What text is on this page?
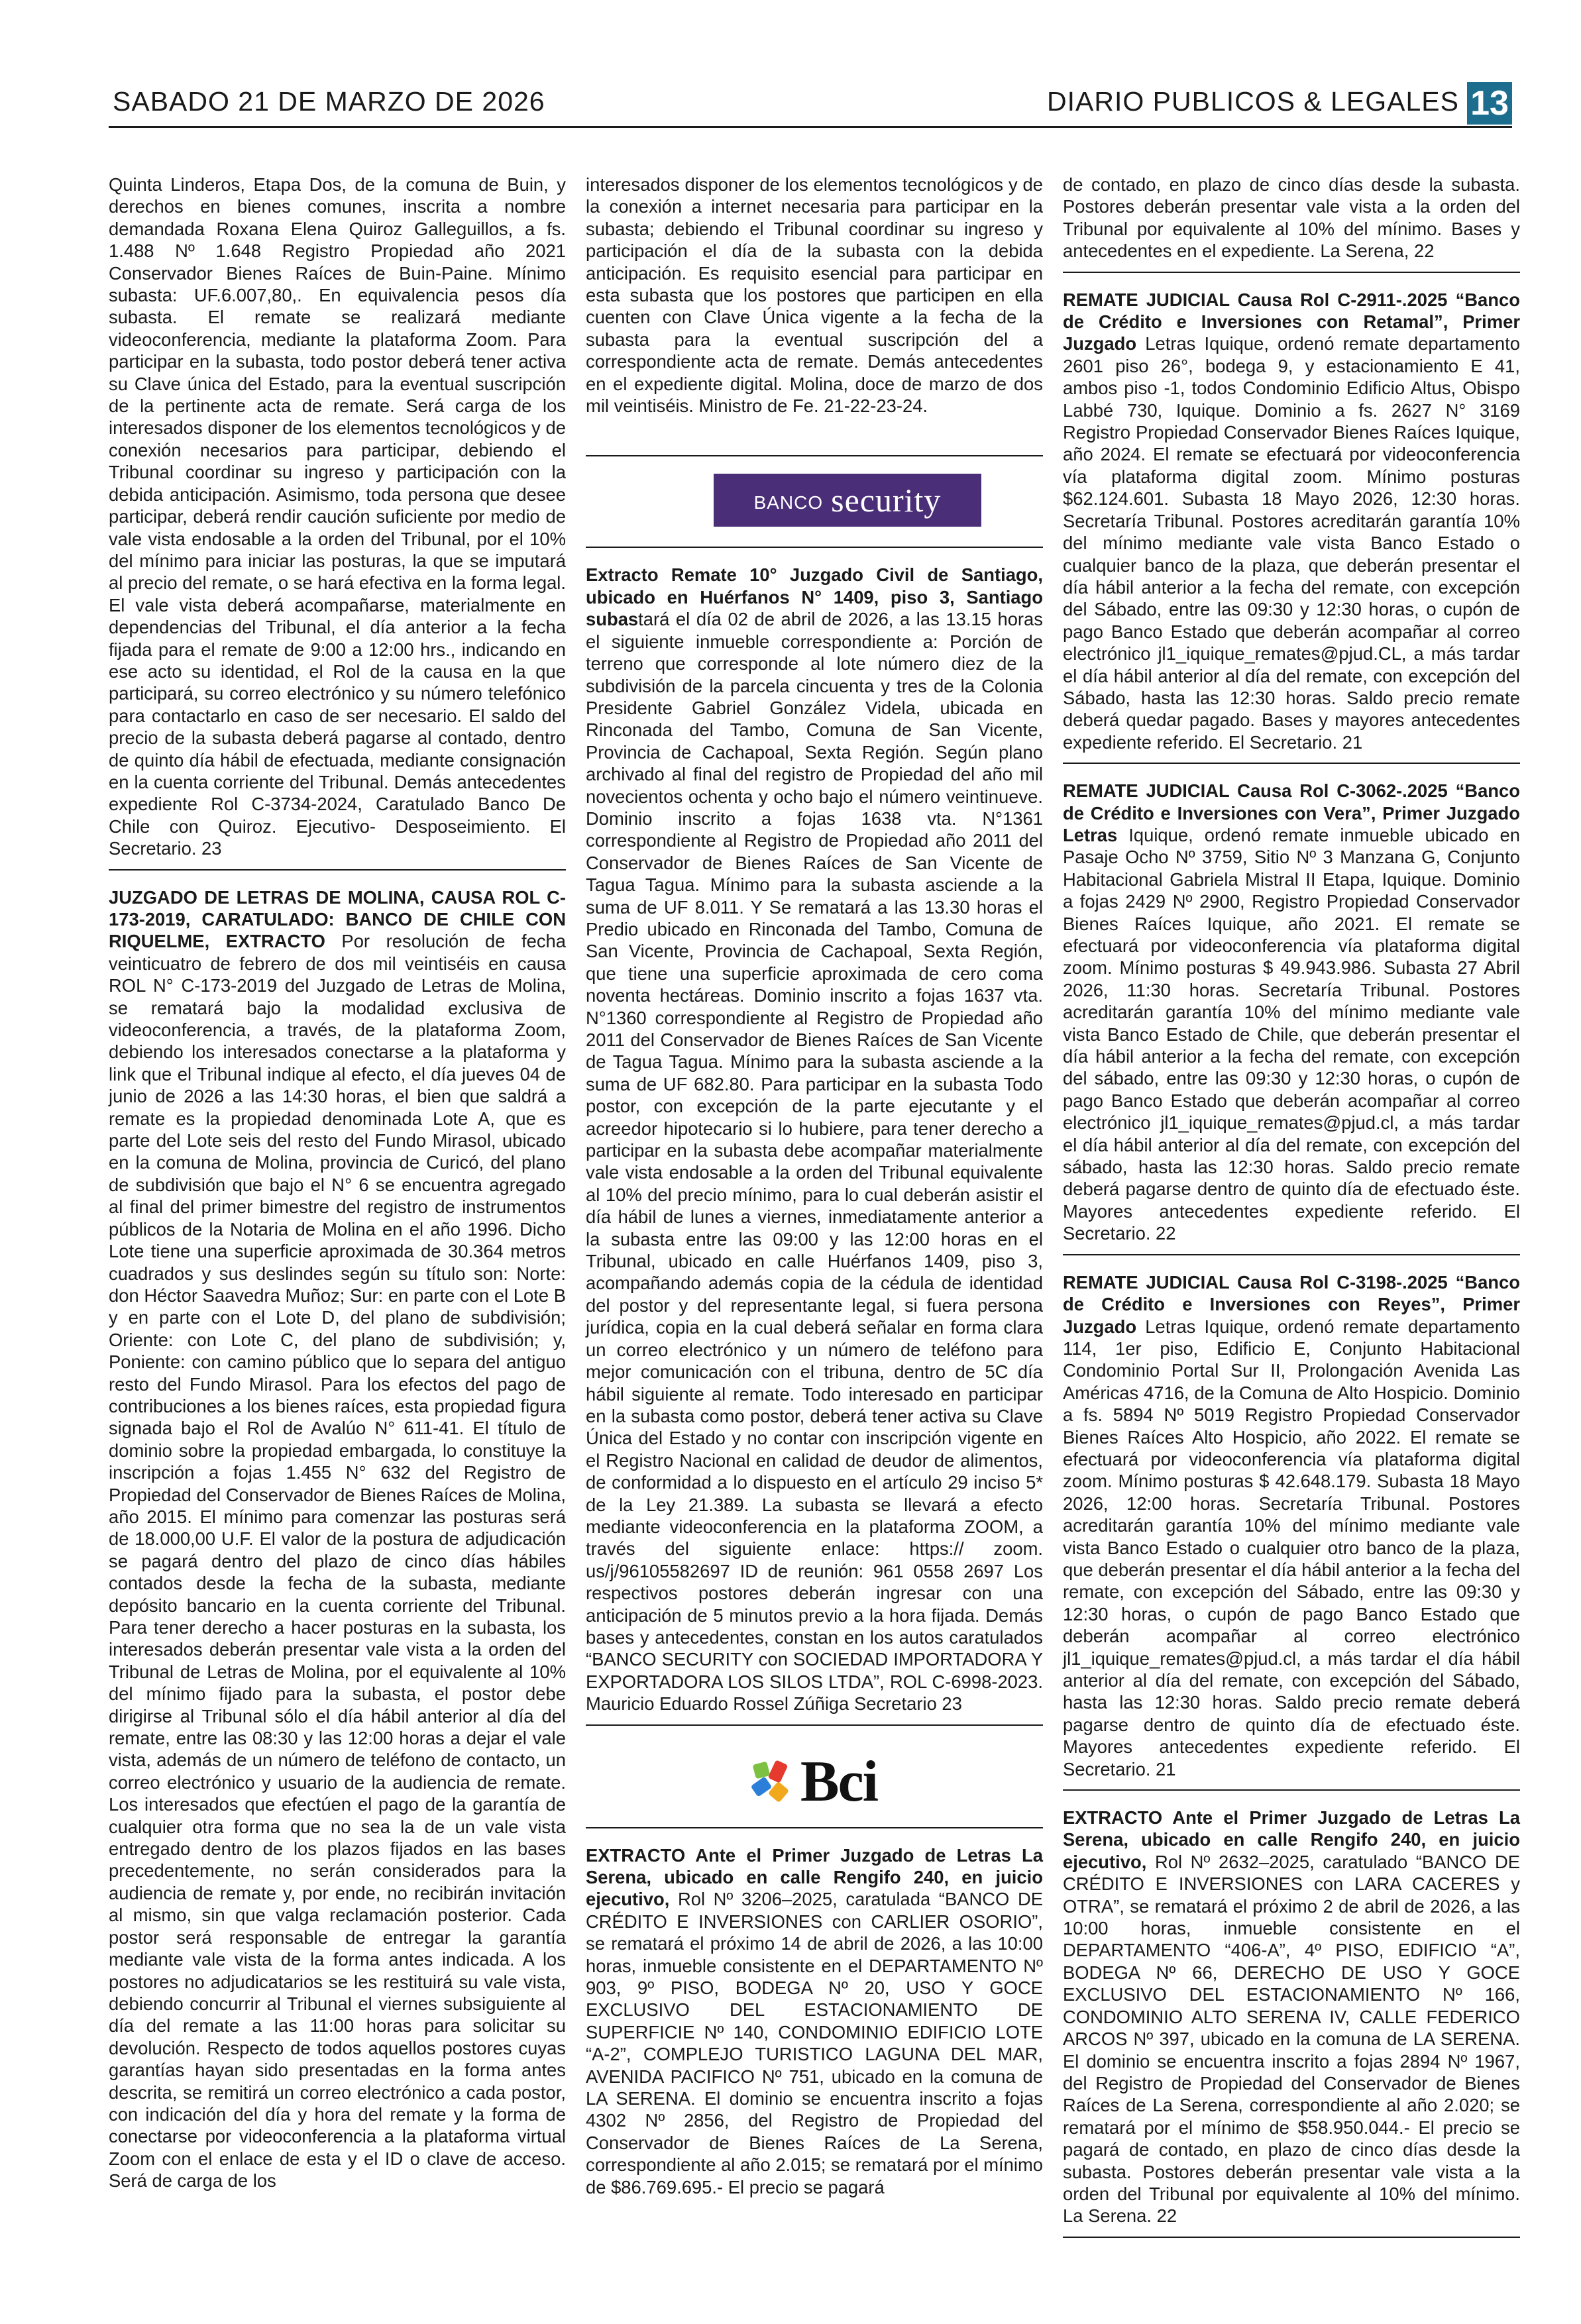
SABADO 21 DE MARZO DE 2026	DIARIO PUBLICOS & LEGALES 13

Quinta Linderos, Etapa Dos, de la comuna de Buin, y derechos en bienes comunes, inscrita a nombre demandada Roxana Elena Quiroz Galleguillos, a fs. 1.488 Nº 1.648 Registro Propiedad año 2021 Conservador Bienes Raíces de Buin-Paine. Mínimo subasta: UF.6.007,80,. En equivalencia pesos día subasta. El remate se realizará mediante videoconferencia, mediante la plataforma Zoom. Para participar en la subasta, todo postor deberá tener activa su Clave única del Estado, para la eventual suscripción de la pertinente acta de remate. Será carga de los interesados disponer de los elementos tecnológicos y de conexión necesarios para participar, debiendo el Tribunal coordinar su ingreso y participación con la debida anticipación. Asimismo, toda persona que desee participar, deberá rendir caución suficiente por medio de vale vista endosable a la orden del Tribunal, por el 10% del mínimo para iniciar las posturas, la que se imputará al precio del remate, o se hará efectiva en la forma legal. El vale vista deberá acompañarse, materialmente en dependencias del Tribunal, el día anterior a la fecha fijada para el remate de 9:00 a 12:00 hrs., indicando en ese acto su identidad, el Rol de la causa en la que participará, su correo electrónico y su número telefónico para contactarlo en caso de ser necesario. El saldo del precio de la subasta deberá pagarse al contado, dentro de quinto día hábil de efectuada, mediante consignación en la cuenta corriente del Tribunal. Demás antecedentes expediente Rol C-3734-2024, Caratulado Banco De Chile con Quiroz. Ejecutivo- Desposeimiento. El Secretario. 23

JUZGADO DE LETRAS DE MOLINA, CAUSA ROL C-173-2019, CARATULADO: BANCO DE CHILE CON RIQUELME, EXTRACTO Por resolución de fecha veinticuatro de febrero de dos mil veintiséis en causa ROL N° C-173-2019 del Juzgado de Letras de Molina, se rematará bajo la modalidad exclusiva de videoconferencia, a través, de la plataforma Zoom, debiendo los interesados conectarse a la plataforma y link que el Tribunal indique al efecto, el día jueves 04 de junio de 2026 a las 14:30 horas, el bien que saldrá a remate es la propiedad denominada Lote A, que es parte del Lote seis del resto del Fundo Mirasol, ubicado en la comuna de Molina, provincia de Curicó, del plano de subdivisión que bajo el N° 6 se encuentra agregado al final del primer bimestre del registro de instrumentos públicos de la Notaria de Molina en el año 1996. Dicho Lote tiene una superficie aproximada de 30.364 metros cuadrados y sus deslindes según su título son: Norte: don Héctor Saavedra Muñoz; Sur: en parte con el Lote B y en parte con el Lote D, del plano de subdivisión; Oriente: con Lote C, del plano de subdivisión; y, Poniente: con camino público que lo separa del antiguo resto del Fundo Mirasol. Para los efectos del pago de contribuciones a los bienes raíces, esta propiedad figura signada bajo el Rol de Avalúo N° 611-41. El título de dominio sobre la propiedad embargada, lo constituye la inscripción a fojas 1.455 N° 632 del Registro de Propiedad del Conservador de Bienes Raíces de Molina, año 2015. El mínimo para comenzar las posturas será de 18.000,00 U.F. El valor de la postura de adjudicación se pagará dentro del plazo de cinco días hábiles contados desde la fecha de la subasta, mediante depósito bancario en la cuenta corriente del Tribunal. Para tener derecho a hacer posturas en la subasta, los interesados deberán presentar vale vista a la orden del Tribunal de Letras de Molina, por el equivalente al 10% del mínimo fijado para la subasta, el postor debe dirigirse al Tribunal sólo el día hábil anterior al día del remate, entre las 08:30 y las 12:00 horas a dejar el vale vista, además de un número de teléfono de contacto, un correo electrónico y usuario de la audiencia de remate. Los interesados que efectúen el pago de la garantía de cualquier otra forma que no sea la de un vale vista entregado dentro de los plazos fijados en las bases precedentemente, no serán considerados para la audiencia de remate y, por ende, no recibirán invitación al mismo, sin que valga reclamación posterior. Cada postor será responsable de entregar la garantía mediante vale vista de la forma antes indicada. A los postores no adjudicatarios se les restituirá su vale vista, debiendo concurrir al Tribunal el viernes subsiguiente al día del remate a las 11:00 horas para solicitar su devolución. Respecto de todos aquellos postores cuyas garantías hayan sido presentadas en la forma antes descrita, se remitirá un correo electrónico a cada postor, con indicación del día y hora del remate y la forma de conectarse por videoconferencia a la plataforma virtual Zoom con el enlace de esta y el ID o clave de acceso. Será de carga de los

interesados disponer de los elementos tecnológicos y de la conexión a internet necesaria para participar en la subasta; debiendo el Tribunal coordinar su ingreso y participación el día de la subasta con la debida anticipación. Es requisito esencial para participar en esta subasta que los postores que participen en ella cuenten con Clave Única vigente a la fecha de la subasta para la eventual suscripción del a correspondiente acta de remate. Demás antecedentes en el expediente digital. Molina, doce de marzo de dos mil veintiséis. Ministro de Fe. 21-22-23-24.

BANCO security

Extracto Remate 10° Juzgado Civil de Santiago, ubicado en Huérfanos N° 1409, piso 3, Santiago subastará el día 02 de abril de 2026, a las 13.15 horas el siguiente inmueble correspondiente a: Porción de terreno que corresponde al lote número diez de la subdivisión de la parcela cincuenta y tres de la Colonia Presidente Gabriel González Videla, ubicada en Rinconada del Tambo, Comuna de San Vicente, Provincia de Cachapoal, Sexta Región. Según plano archivado al final del registro de Propiedad del año mil novecientos ochenta y ocho bajo el número veintinueve. Dominio inscrito a fojas 1638 vta. N°1361 correspondiente al Registro de Propiedad año 2011 del Conservador de Bienes Raíces de San Vicente de Tagua Tagua. Mínimo para la subasta asciende a la suma de UF 8.011. Y Se rematará a las 13.30 horas el Predio ubicado en Rinconada del Tambo, Comuna de San Vicente, Provincia de Cachapoal, Sexta Región, que tiene una superficie aproximada de cero coma noventa hectáreas. Dominio inscrito a fojas 1637 vta. N°1360 correspondiente al Registro de Propiedad año 2011 del Conservador de Bienes Raíces de San Vicente de Tagua Tagua. Mínimo para la subasta asciende a la suma de UF 682.80. Para participar en la subasta Todo postor, con excepción de la parte ejecutante y el acreedor hipotecario si lo hubiere, para tener derecho a participar en la subasta debe acompañar materialmente vale vista endosable a la orden del Tribunal equivalente al 10% del precio mínimo, para lo cual deberán asistir el día hábil de lunes a viernes, inmediatamente anterior a la subasta entre las 09:00 y las 12:00 horas en el Tribunal, ubicado en calle Huérfanos 1409, piso 3, acompañando además copia de la cédula de identidad del postor y del representante legal, si fuera persona jurídica, copia en la cual deberá señalar en forma clara un correo electrónico y un número de teléfono para mejor comunicación con el tribuna, dentro de 5C día hábil siguiente al remate. Todo interesado en participar en la subasta como postor, deberá tener activa su Clave Única del Estado y no contar con inscripción vigente en el Registro Nacional en calidad de deudor de alimentos, de conformidad a lo dispuesto en el artículo 29 inciso 5* de la Ley 21.389. La subasta se llevará a efecto mediante videoconferencia en la plataforma ZOOM, a través del siguiente enlace: https:// zoom. us/j/96105582697 ID de reunión: 961 0558 2697 Los respectivos postores deberán ingresar con una anticipación de 5 minutos previo a la hora fijada. Demás bases y antecedentes, constan en los autos caratulados “BANCO SECURITY con SOCIEDAD IMPORTADORA Y EXPORTADORA LOS SILOS LTDA”, ROL C-6998-2023. Mauricio Eduardo Rossel Zúñiga Secretario 23

Bci

EXTRACTO Ante el Primer Juzgado de Letras La Serena, ubicado en calle Rengifo 240, en juicio ejecutivo, Rol Nº 3206–2025, caratulada “BANCO DE CRÉDITO E INVERSIONES con CARLIER OSORIO”, se rematará el próximo 14 de abril de 2026, a las 10:00 horas, inmueble consistente en el DEPARTAMENTO Nº 903, 9º PISO, BODEGA Nº 20, USO Y GOCE EXCLUSIVO DEL ESTACIONAMIENTO DE SUPERFICIE Nº 140, CONDOMINIO EDIFICIO LOTE “A-2”, COMPLEJO TURISTICO LAGUNA DEL MAR, AVENIDA PACIFICO Nº 751, ubicado en la comuna de LA SERENA. El dominio se encuentra inscrito a fojas 4302 Nº 2856, del Registro de Propiedad del Conservador de Bienes Raíces de La Serena, correspondiente al año 2.015; se rematará por el mínimo de $86.769.695.- El precio se pagará

de contado, en plazo de cinco días desde la subasta. Postores deberán presentar vale vista a la orden del Tribunal por equivalente al 10% del mínimo. Bases y antecedentes en el expediente. La Serena, 22

REMATE JUDICIAL Causa Rol C-2911-.2025 “Banco de Crédito e Inversiones con Retamal”, Primer Juzgado Letras Iquique, ordenó remate departamento 2601 piso 26°, bodega 9, y estacionamiento E 41, ambos piso -1, todos Condominio Edificio Altus, Obispo Labbé 730, Iquique. Dominio a fs. 2627 N° 3169 Registro Propiedad Conservador Bienes Raíces Iquique, año 2024. El remate se efectuará por videoconferencia vía plataforma digital zoom. Mínimo posturas $62.124.601. Subasta 18 Mayo 2026, 12:30 horas. Secretaría Tribunal. Postores acreditarán garantía 10% del mínimo mediante vale vista Banco Estado o cualquier banco de la plaza, que deberán presentar el día hábil anterior a la fecha del remate, con excepción del Sábado, entre las 09:30 y 12:30 horas, o cupón de pago Banco Estado que deberán acompañar al correo electrónico jl1_iquique_remates@pjud.CL, a más tardar el día hábil anterior al día del remate, con excepción del Sábado, hasta las 12:30 horas. Saldo precio remate deberá quedar pagado. Bases y mayores antecedentes expediente referido. El Secretario. 21

REMATE JUDICIAL Causa Rol C-3062-.2025 “Banco de Crédito e Inversiones con Vera”, Primer Juzgado Letras Iquique, ordenó remate inmueble ubicado en Pasaje Ocho Nº 3759, Sitio Nº 3 Manzana G, Conjunto Habitacional Gabriela Mistral II Etapa, Iquique. Dominio a fojas 2429 Nº 2900, Registro Propiedad Conservador Bienes Raíces Iquique, año 2021. El remate se efectuará por videoconferencia vía plataforma digital zoom. Mínimo posturas $ 49.943.986. Subasta 27 Abril 2026, 11:30 horas. Secretaría Tribunal. Postores acreditarán garantía 10% del mínimo mediante vale vista Banco Estado de Chile, que deberán presentar el día hábil anterior a la fecha del remate, con excepción del sábado, entre las 09:30 y 12:30 horas, o cupón de pago Banco Estado que deberán acompañar al correo electrónico jl1_iquique_remates@pjud.cl, a más tardar el día hábil anterior al día del remate, con excepción del sábado, hasta las 12:30 horas. Saldo precio remate deberá pagarse dentro de quinto día de efectuado éste. Mayores antecedentes expediente referido. El Secretario. 22

REMATE JUDICIAL Causa Rol C-3198-.2025 “Banco de Crédito e Inversiones con Reyes”, Primer Juzgado Letras Iquique, ordenó remate departamento 114, 1er piso, Edificio E, Conjunto Habitacional Condominio Portal Sur II, Prolongación Avenida Las Américas 4716, de la Comuna de Alto Hospicio. Dominio a fs. 5894 Nº 5019 Registro Propiedad Conservador Bienes Raíces Alto Hospicio, año 2022. El remate se efectuará por videoconferencia vía plataforma digital zoom. Mínimo posturas $ 42.648.179. Subasta 18 Mayo 2026, 12:00 horas. Secretaría Tribunal. Postores acreditarán garantía 10% del mínimo mediante vale vista Banco Estado o cualquier otro banco de la plaza, que deberán presentar el día hábil anterior a la fecha del remate, con excepción del Sábado, entre las 09:30 y 12:30 horas, o cupón de pago Banco Estado que deberán acompañar al correo electrónico jl1_iquique_remates@pjud.cl, a más tardar el día hábil anterior al día del remate, con excepción del Sábado, hasta las 12:30 horas. Saldo precio remate deberá pagarse dentro de quinto día de efectuado éste. Mayores antecedentes expediente referido. El Secretario. 21

EXTRACTO Ante el Primer Juzgado de Letras La Serena, ubicado en calle Rengifo 240, en juicio ejecutivo, Rol Nº 2632–2025, caratulado “BANCO DE CRÉDITO E INVERSIONES con LARA CACERES y OTRA”, se rematará el próximo 2 de abril de 2026, a las 10:00 horas, inmueble consistente en el DEPARTAMENTO “406-A”, 4º PISO, EDIFICIO “A”, BODEGA Nº 66, DERECHO DE USO Y GOCE EXCLUSIVO DEL ESTACIONAMIENTO Nº 166, CONDOMINIO ALTO SERENA IV, CALLE FEDERICO ARCOS Nº 397, ubicado en la comuna de LA SERENA. El dominio se encuentra inscrito a fojas 2894 Nº 1967, del Registro de Propiedad del Conservador de Bienes Raíces de La Serena, correspondiente al año 2.020; se rematará por el mínimo de $58.950.044.- El precio se pagará de contado, en plazo de cinco días desde la subasta. Postores deberán presentar vale vista a la orden del Tribunal por equivalente al 10% del mínimo. La Serena. 22
